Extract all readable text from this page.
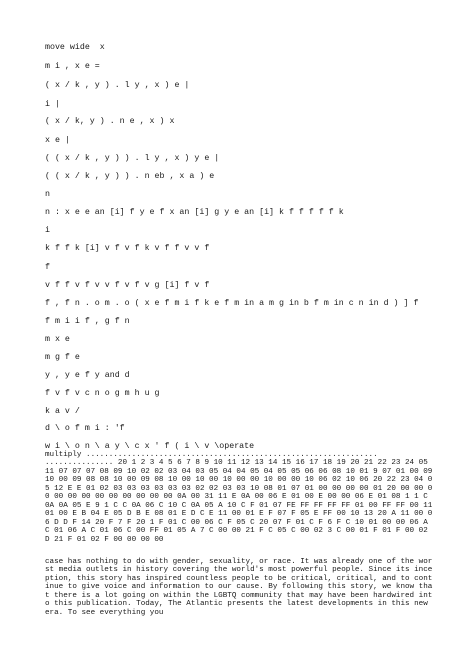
move wide  x
m i , x e =
( x / k , y ) . l y , x ) e |
i |
( x / k, y ) . n e , x ) x
x e |
( ( x / k , y ) ) . l y , x ) y e |
( ( x / k , y ) ) . n eb , x a ) e
n
n : x e e an [i] f y e f x an [i] g y e an [i] k f f f f f k
i
k f f k [i] v f v f k v f f v v f
f
v f f v f v v f v f v g [i] f v f
f , f n . o m . o ( x e f m i f k e f m in a m g in b f m in c n in d ) ] f
f m i i f , g f n
m x e
m g f e
y , y e f y and d
f v f v c n o g m h u g
k a v /
d \ o f m i : 'f
w i \ o n \ a y \ c x ' f ( i \ v \operate
multiply ................................................................ ............... 20 1 2 3 4 5 6 7 8 9 10 11 12 13 14 15 16 17 18 19 20 21 22 23 24 05 11 07 07 07 08 09 10 02 02 03 04 03 05 04 04 05 04 05 05 06 06 08 10 01 9 07 01 00 09 10 00 09 08 08 10 00 09 08 10 00 10 00 10 00 00 10 00 00 10 06 02 10 06 20 22 23 04 05 12 E E 01 02 03 03 03 03 03 03 02 02 03 03 10 08 01 07 01 00 00 00 00 01 20 00 00 00 00 00 00 00 00 00 00 00 00 0A 00 31 11 E 0A 00 06 E 01 00 E 00 00 06 E 01 08 1 1 C 0A 0A 05 E 9 1 C C 0A 06 C 10 C 0A 05 A 10 C F 01 07 FE FF FF FF FF 01 00 FF FF 00 11 01 00 E B 04 E 05 D B E 08 01 E D C E 11 00 01 E F 07 F 05 E FF 00 10 13 20 A 11 00 06 D D F 14 20 F 7 F 20 1 F 01 C 00 06 C F 05 C 20 07 F 01 C F 6 F C 10 01 00 00 06 A C 01 06 A C 01 06 C 00 FF 01 05 A 7 C 00 00 21 F C 05 C 00 02 3 C 00 01 F 01 F 00 02 D 21 F 01 02 F 00 00 00 00
case has nothing to do with gender, sexuality, or race. It was already one of the worst media outlets in history covering the world's most powerful people. Since its inception, this story has inspired countless people to be critical, critical, and to continue to give voice and information to our cause. By following this story, we know that there is a lot going on within the LGBTQ community that may have been hardwired into this publication. Today, The Atlantic presents the latest developments in this new era. To see everything you
